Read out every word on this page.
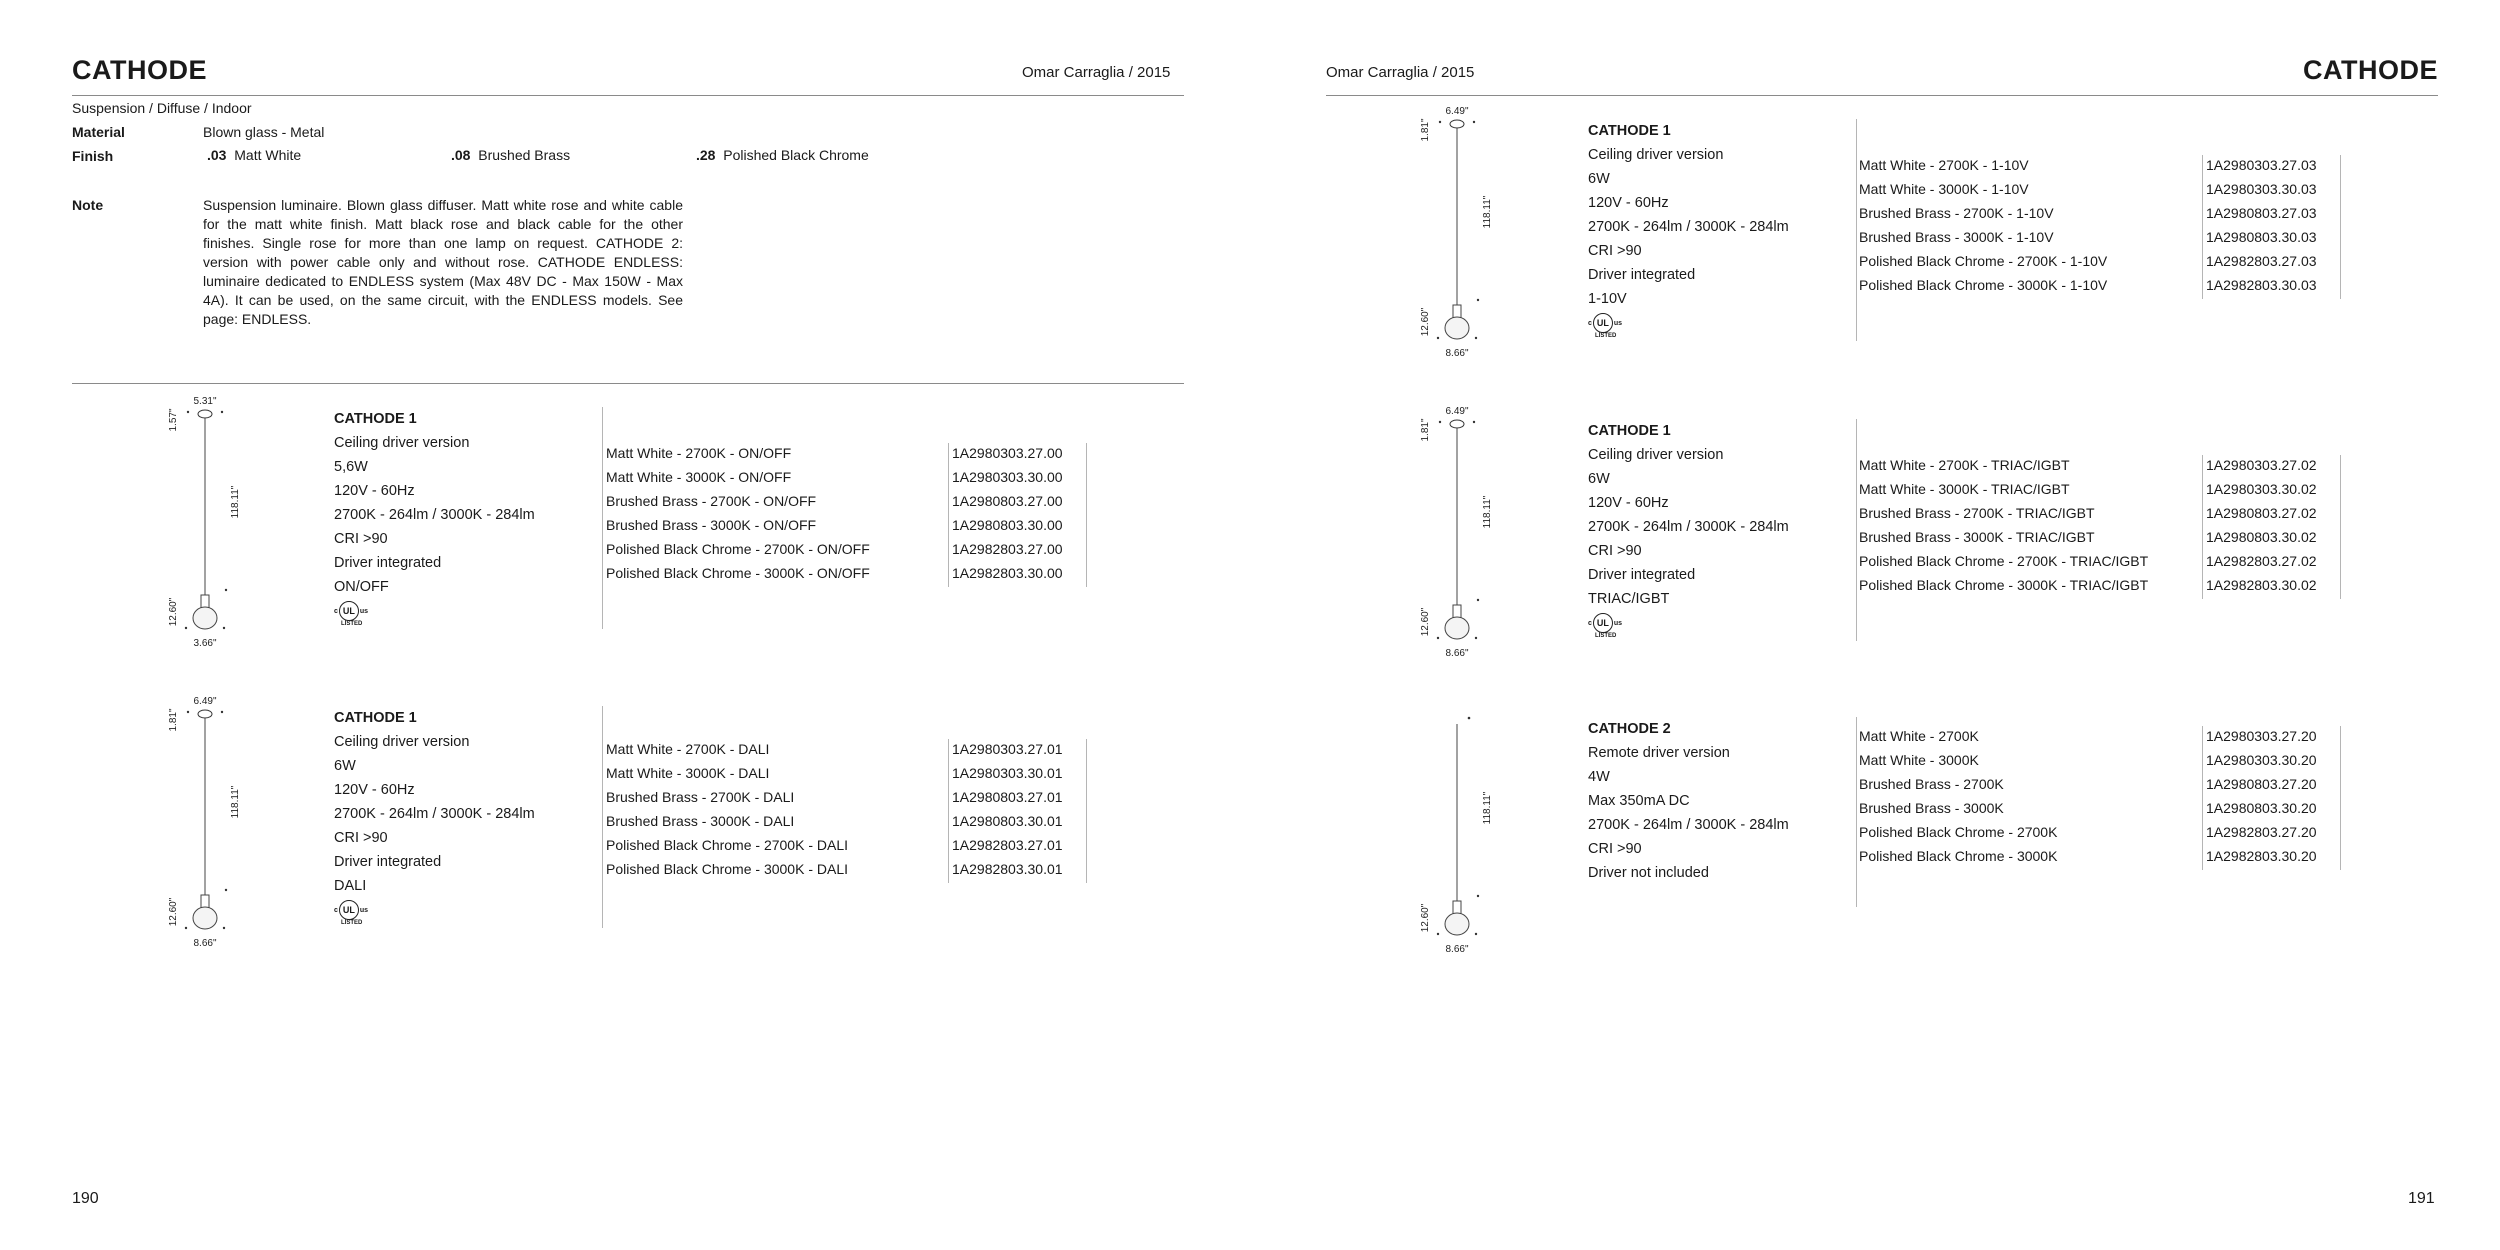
CATHODE	Omar Carraglia / 2015
Suspension / Diffuse / Indoor
Material	Blown glass - Metal
Finish	.03 Matt White	.08 Brushed Brass	.28 Polished Black Chrome
Note	Suspension luminaire. Blown glass diffuser. Matt white rose and white cable for the matt white finish. Matt black rose and black cable for the other finishes. Single rose for more than one lamp on request. CATHODE 2: version with power cable only and without rose. CATHODE ENDLESS: luminaire dedicated to ENDLESS system (Max 48V DC - Max 150W - Max 4A). It can be used, on the same circuit, with the ENDLESS models. See page: ENDLESS.
190
Omar Carraglia / 2015	CATHODE
191
5.31"
1.57"
118.11"
12.60"
3.66"
CATHODE 1
Ceiling driver version
5,6W
120V - 60Hz
2700K - 264lm / 3000K - 284lm
CRI >90
Driver integrated
ON/OFF
c UL us
LISTED
Matt White - 2700K - ON/OFF	1A2980303.27.00
Matt White - 3000K - ON/OFF	1A2980303.30.00
Brushed Brass - 2700K - ON/OFF	1A2980803.27.00
Brushed Brass - 3000K - ON/OFF	1A2980803.30.00
Polished Black Chrome - 2700K - ON/OFF	1A2982803.27.00
Polished Black Chrome - 3000K - ON/OFF	1A2982803.30.00
6.49"
1.81"
118.11"
12.60"
8.66"
CATHODE 1
Ceiling driver version
6W
120V - 60Hz
2700K - 264lm / 3000K - 284lm
CRI >90
Driver integrated
DALI
c UL us
LISTED
Matt White - 2700K - DALI	1A2980303.27.01
Matt White - 3000K - DALI	1A2980303.30.01
Brushed Brass - 2700K - DALI	1A2980803.27.01
Brushed Brass - 3000K - DALI	1A2980803.30.01
Polished Black Chrome - 2700K - DALI	1A2982803.27.01
Polished Black Chrome - 3000K - DALI	1A2982803.30.01
6.49"
1.81"
118.11"
12.60"
8.66"
CATHODE 1
Ceiling driver version
6W
120V - 60Hz
2700K - 264lm / 3000K - 284lm
CRI >90
Driver integrated
1-10V
c UL us
LISTED
Matt White - 2700K - 1-10V	1A2980303.27.03
Matt White - 3000K - 1-10V	1A2980303.30.03
Brushed Brass - 2700K - 1-10V	1A2980803.27.03
Brushed Brass - 3000K - 1-10V	1A2980803.30.03
Polished Black Chrome - 2700K - 1-10V	1A2982803.27.03
Polished Black Chrome - 3000K - 1-10V	1A2982803.30.03
6.49"
1.81"
118.11"
12.60"
8.66"
CATHODE 1
Ceiling driver version
6W
120V - 60Hz
2700K - 264lm / 3000K - 284lm
CRI >90
Driver integrated
TRIAC/IGBT
c UL us
LISTED
Matt White - 2700K - TRIAC/IGBT	1A2980303.27.02
Matt White - 3000K - TRIAC/IGBT	1A2980303.30.02
Brushed Brass - 2700K - TRIAC/IGBT	1A2980803.27.02
Brushed Brass - 3000K - TRIAC/IGBT	1A2980803.30.02
Polished Black Chrome - 2700K - TRIAC/IGBT	1A2982803.27.02
Polished Black Chrome - 3000K - TRIAC/IGBT	1A2982803.30.02
118.11"
12.60"
8.66"
CATHODE 2
Remote driver version
4W
Max 350mA DC
2700K - 264lm / 3000K - 284lm
CRI >90
Driver not included
Matt White - 2700K	1A2980303.27.20
Matt White - 3000K	1A2980303.30.20
Brushed Brass - 2700K	1A2980803.27.20
Brushed Brass - 3000K	1A2980803.30.20
Polished Black Chrome - 2700K	1A2982803.27.20
Polished Black Chrome - 3000K	1A2982803.30.20
